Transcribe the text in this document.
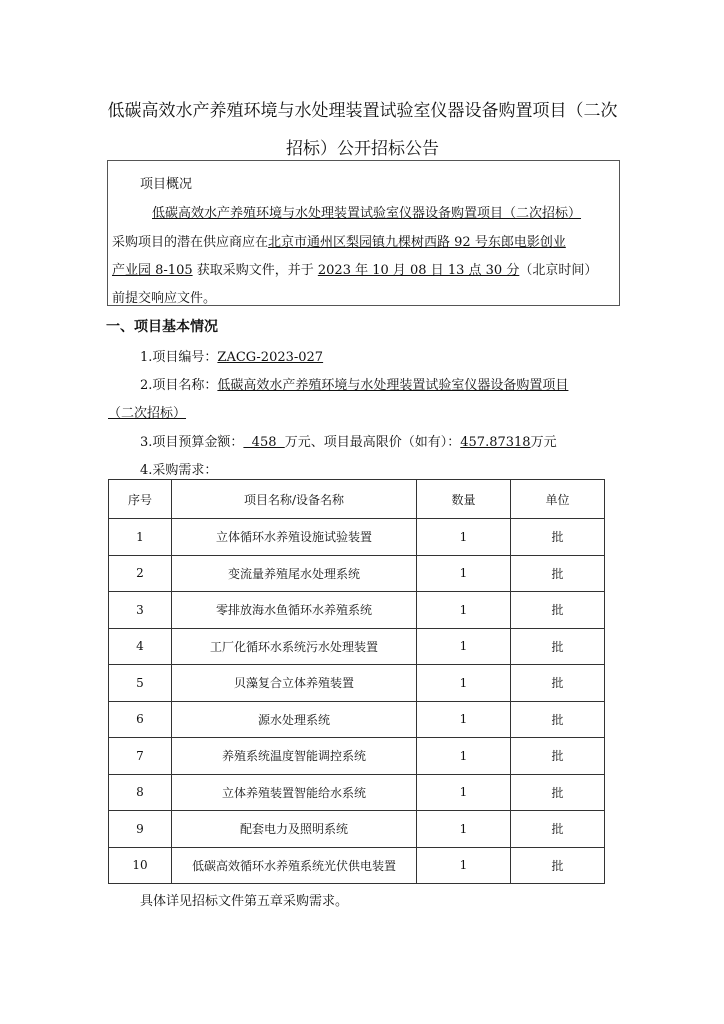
低碳高效水产养殖环境与水处理装置试验室仪器设备购置项目（二次
招标）公开招标公告
项目概况
低碳高效水产养殖环境与水处理装置试验室仪器设备购置项目（二次招标）
采购项目的潜在供应商应在北京市通州区梨园镇九棵树西路 92 号东郎电影创业
产业园 8-105 获取采购文件，并于 2023 年 10 月 08 日 13 点 30 分（北京时间）
前提交响应文件。
一、项目基本情况
1.项目编号：ZACG-2023-027
2.项目名称：低碳高效水产养殖环境与水处理装置试验室仪器设备购置项目
（二次招标）
3.项目预算金额：  458  万元、项目最高限价（如有）：457.87318万元
4.采购需求：
序号	项目名称/设备名称	数量	单位
1	立体循环水养殖设施试验装置	1	批
2	变流量养殖尾水处理系统	1	批
3	零排放海水鱼循环水养殖系统	1	批
4	工厂化循环水系统污水处理装置	1	批
5	贝藻复合立体养殖装置	1	批
6	源水处理系统	1	批
7	养殖系统温度智能调控系统	1	批
8	立体养殖装置智能给水系统	1	批
9	配套电力及照明系统	1	批
10	低碳高效循环水养殖系统光伏供电装置	1	批
具体详见招标文件第五章采购需求。
